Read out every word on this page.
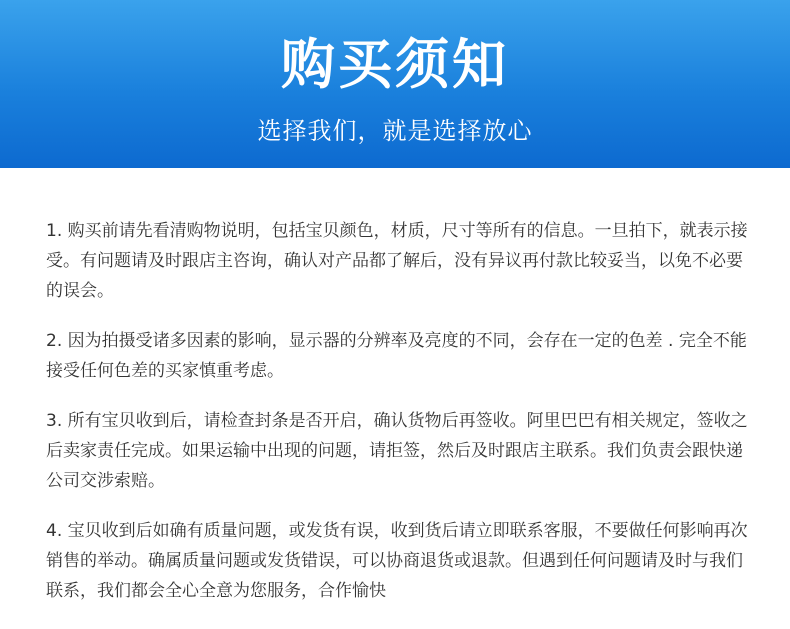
购买须知
选择我们，就是选择放心

1. 购买前请先看清购物说明，包括宝贝颜色，材质，尺寸等所有的信息。一旦拍下，就表示接受。有问题请及时跟店主咨询，确认对产品都了解后，没有异议再付款比较妥当，以免不必要的误会。

2. 因为拍摄受诸多因素的影响，显示器的分辨率及亮度的不同，会存在一定的色差 . 完全不能接受任何色差的买家慎重考虑。

3. 所有宝贝收到后，请检查封条是否开启，确认货物后再签收。阿里巴巴有相关规定，签收之后卖家责任完成。如果运输中出现的问题，请拒签，然后及时跟店主联系。我们负责会跟快递公司交涉索赔。

4. 宝贝收到后如确有质量问题，或发货有误，收到货后请立即联系客服，不要做任何影响再次销售的举动。确属质量问题或发货错误，可以协商退货或退款。但遇到任何问题请及时与我们联系，我们都会全心全意为您服务，合作愉快
